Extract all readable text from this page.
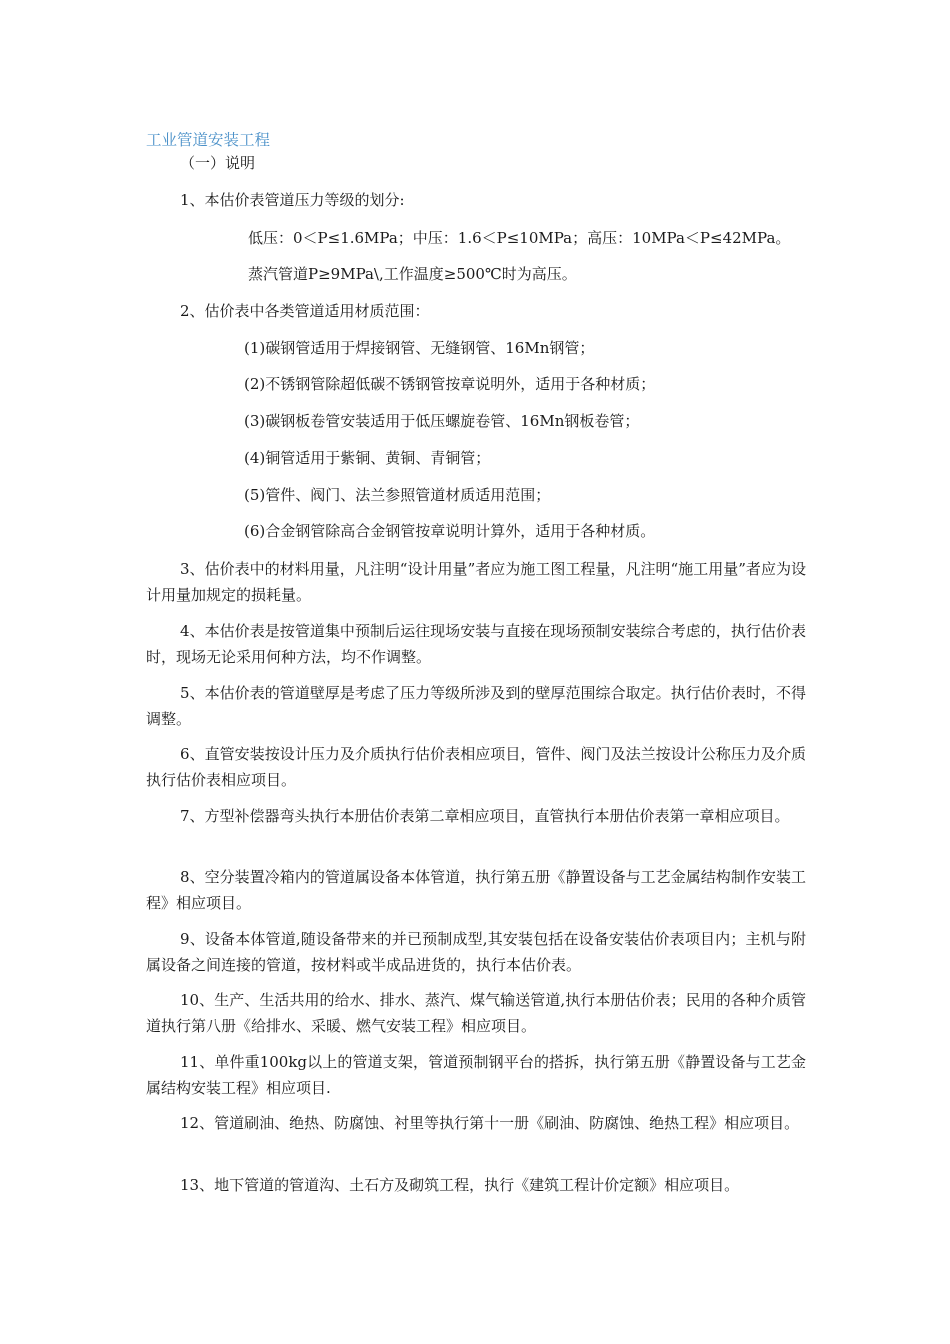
工业管道安装工程
（一）说明
1、本估价表管道压力等级的划分:
低压：0＜P≤1.6MPa；中压：1.6＜P≤10MPa；高压：10MPa＜P≤42MPa。
蒸汽管道P≥9MPa\,工作温度≥500℃时为高压。
2、估价表中各类管道适用材质范围：
(1)碳钢管适用于焊接钢管、无缝钢管、16Mn钢管；
(2)不锈钢管除超低碳不锈钢管按章说明外，适用于各种材质；
(3)碳钢板卷管安装适用于低压螺旋卷管、16Mn钢板卷管；
(4)铜管适用于紫铜、黄铜、青铜管；
(5)管件、阀门、法兰参照管道材质适用范围；
(6)合金钢管除高合金钢管按章说明计算外，适用于各种材质。
3、估价表中的材料用量，凡注明“设计用量”者应为施工图工程量，凡注明“施工用量”者应为设计用量加规定的损耗量。
4、本估价表是按管道集中预制后运往现场安装与直接在现场预制安装综合考虑的，执行估价表时，现场无论采用何种方法，均不作调整。
5、本估价表的管道壁厚是考虑了压力等级所涉及到的壁厚范围综合取定。执行估价表时，不得调整。
6、直管安装按设计压力及介质执行估价表相应项目，管件、阀门及法兰按设计公称压力及介质执行估价表相应项目。
7、方型补偿器弯头执行本册估价表第二章相应项目，直管执行本册估价表第一章相应项目。
8、空分装置冷箱内的管道属设备本体管道，执行第五册《静置设备与工艺金属结构制作安装工程》相应项目。
9、设备本体管道,随设备带来的并已预制成型,其安装包括在设备安装估价表项目内；主机与附属设备之间连接的管道，按材料或半成品进货的，执行本估价表。
10、生产、生活共用的给水、排水、蒸汽、煤气输送管道,执行本册估价表；民用的各种介质管道执行第八册《给排水、采暖、燃气安装工程》相应项目。
11、单件重100kg以上的管道支架，管道预制钢平台的搭拆，执行第五册《静置设备与工艺金属结构安装工程》相应项目.
12、管道刷油、绝热、防腐蚀、衬里等执行第十一册《刷油、防腐蚀、绝热工程》相应项目。
13、地下管道的管道沟、土石方及砌筑工程，执行《建筑工程计价定额》相应项目。
